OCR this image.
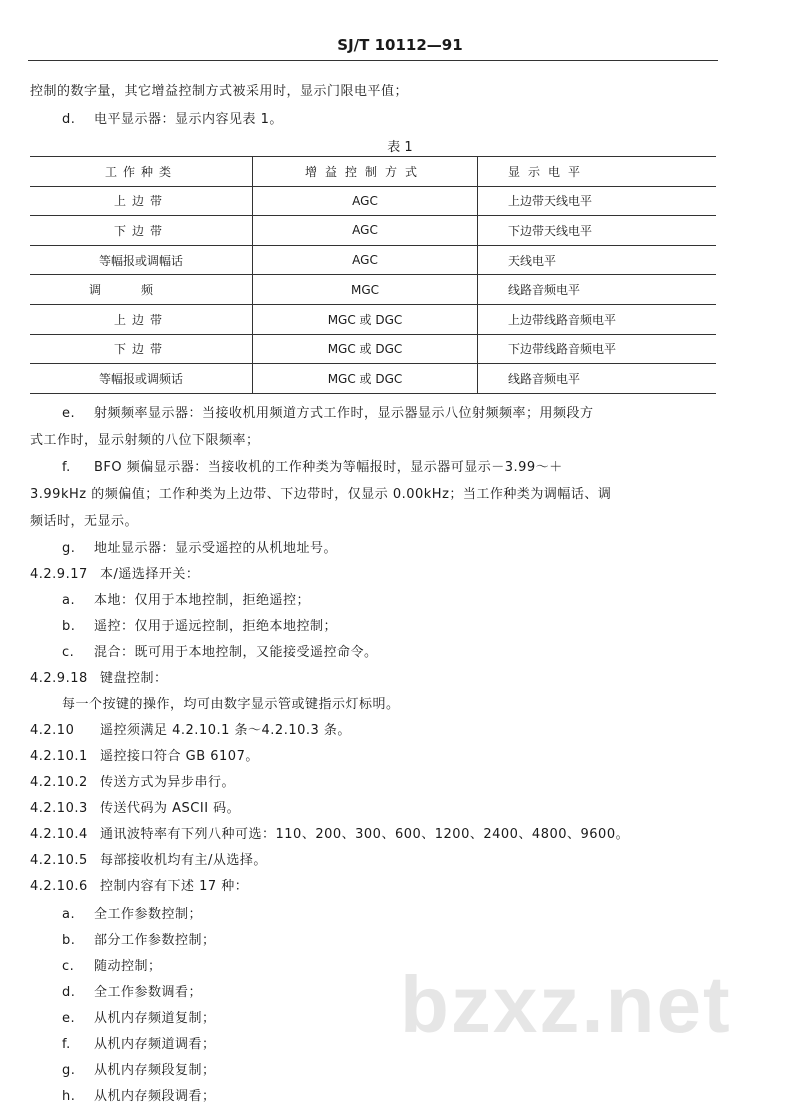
bzxz.net
SJ/T 10112—91
控制的数字量，其它增益控制方式被采用时，显示门限电平值；
d. 电平显示器：显示内容见表 1。
表 1
工作种类	增益控制方式	显示电平
上边带	AGC	上边带天线电平
下边带	AGC	下边带天线电平
等幅报或调幅话	AGC	天线电平
调频	MGC	线路音频电平
上边带	MGC 或 DGC	上边带线路音频电平
下边带	MGC 或 DGC	下边带线路音频电平
等幅报或调频话	MGC 或 DGC	线路音频电平
e. 射频频率显示器：当接收机用频道方式工作时，显示器显示八位射频频率；用频段方
式工作时，显示射频的八位下限频率；
f. BFO 频偏显示器：当接收机的工作种类为等幅报时，显示器可显示－3.99～＋
3.99kHz 的频偏值；工作种类为上边带、下边带时，仅显示 0.00kHz；当工作种类为调幅话、调
频话时，无显示。
g. 地址显示器：显示受遥控的从机地址号。
4.2.9.17 本/遥选择开关：
a. 本地：仅用于本地控制，拒绝遥控；
b. 遥控：仅用于遥远控制，拒绝本地控制；
c. 混合：既可用于本地控制，又能接受遥控命令。
4.2.9.18 键盘控制：
每一个按键的操作，均可由数字显示管或键指示灯标明。
4.2.10 遥控须满足 4.2.10.1 条～4.2.10.3 条。
4.2.10.1 遥控接口符合 GB 6107。
4.2.10.2 传送方式为异步串行。
4.2.10.3 传送代码为 ASCII 码。
4.2.10.4 通讯波特率有下列八种可选：110、200、300、600、1200、2400、4800、9600。
4.2.10.5 每部接收机均有主/从选择。
4.2.10.6 控制内容有下述 17 种：
a. 全工作参数控制；
b. 部分工作参数控制；
c. 随动控制；
d. 全工作参数调看；
e. 从机内存频道复制；
f. 从机内存频道调看；
g. 从机内存频段复制；
h. 从机内存频段调看；
